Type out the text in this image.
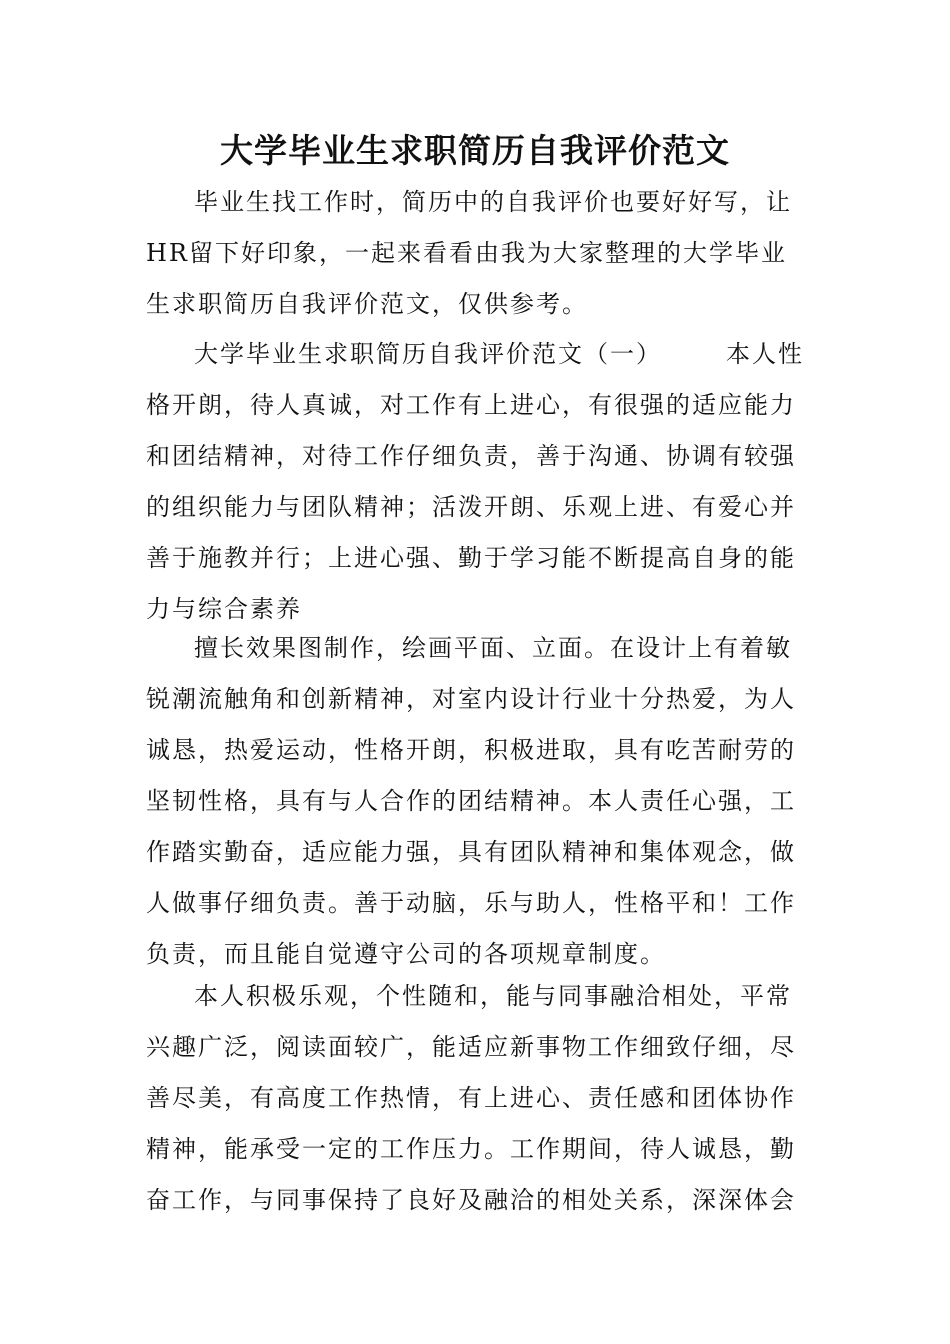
大学毕业生求职简历自我评价范文

毕业生找工作时，简历中的自我评价也要好好写，让HR留下好印象，一起来看看由我为大家整理的大学毕业生求职简历自我评价范文，仅供参考。

大学毕业生求职简历自我评价范文（一）	本人性格开朗，待人真诚，对工作有上进心，有很强的适应能力和团结精神，对待工作仔细负责，善于沟通、协调有较强的组织能力与团队精神；活泼开朗、乐观上进、有爱心并善于施教并行；上进心强、勤于学习能不断提高自身的能力与综合素养

擅长效果图制作，绘画平面、立面。在设计上有着敏锐潮流触角和创新精神，对室内设计行业十分热爱，为人诚恳，热爱运动，性格开朗，积极进取，具有吃苦耐劳的坚韧性格，具有与人合作的团结精神。本人责任心强，工作踏实勤奋，适应能力强，具有团队精神和集体观念，做人做事仔细负责。善于动脑，乐与助人，性格平和！工作负责，而且能自觉遵守公司的各项规章制度。

本人积极乐观，个性随和，能与同事融洽相处，平常兴趣广泛，阅读面较广，能适应新事物工作细致仔细，尽善尽美，有高度工作热情，有上进心、责任感和团体协作精神，能承受一定的工作压力。工作期间，待人诚恳，勤奋工作，与同事保持了良好及融洽的相处关系，深深体会
